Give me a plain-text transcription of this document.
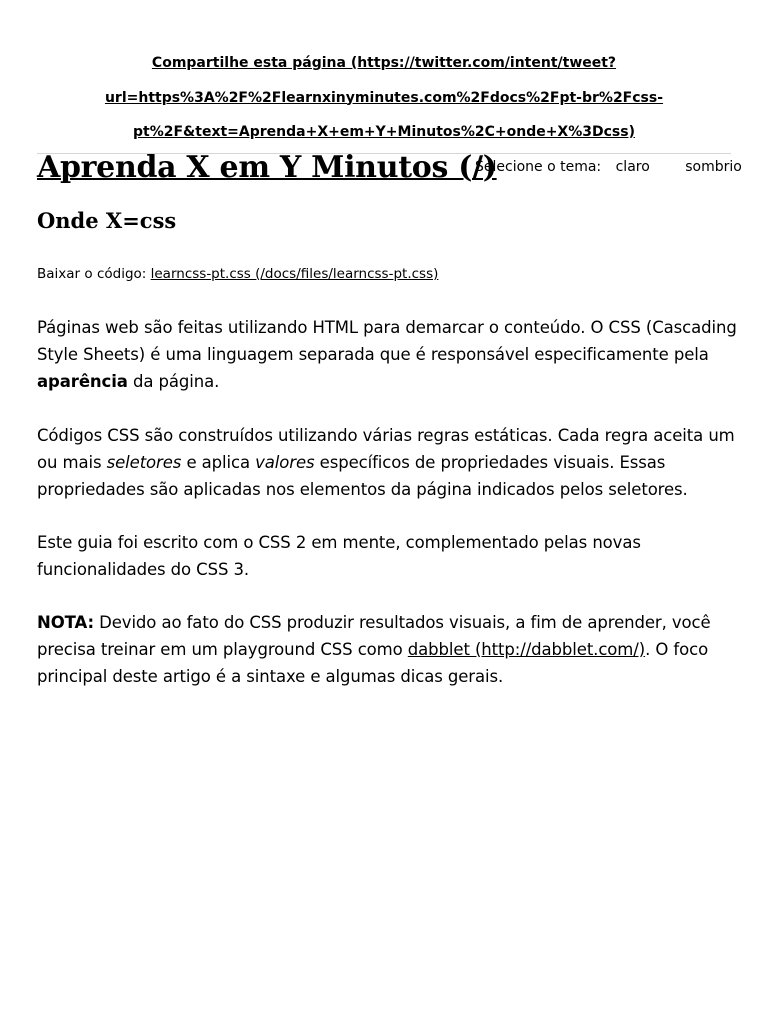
Compartilhe esta página (https://twitter.com/intent/tweet?
url=https%3A%2F%2Flearnxinyminutes.com%2Fdocs%2Fpt-br%2Fcss-
pt%2F&text=Aprenda+X+em+Y+Minutos%2C+onde+X%3Dcss)
Aprenda X em Y Minutos (/)
Selecione o tema: claro	sombrio
Onde X=css
Baixar o código: learncss-pt.css (/docs/files/learncss-pt.css)

Páginas web são feitas utilizando HTML para demarcar o conteúdo. O CSS (Cascading Style Sheets) é uma linguagem separada que é responsável especificamente pela aparência da página.

Códigos CSS são construídos utilizando várias regras estáticas. Cada regra aceita um ou mais seletores e aplica valores específicos de propriedades visuais. Essas propriedades são aplicadas nos elementos da página indicados pelos seletores.

Este guia foi escrito com o CSS 2 em mente, complementado pelas novas funcionalidades do CSS 3.

NOTA: Devido ao fato do CSS produzir resultados visuais, a fim de aprender, você precisa treinar em um playground CSS como dabblet (http://dabblet.com/). O foco principal deste artigo é a sintaxe e algumas dicas gerais.
